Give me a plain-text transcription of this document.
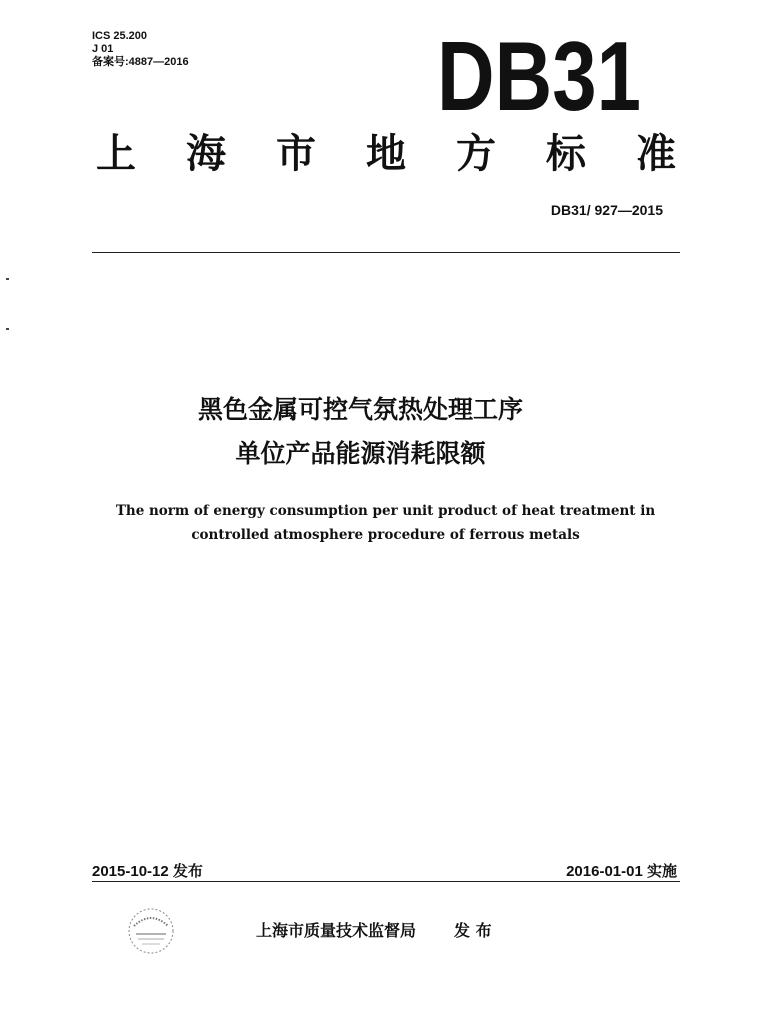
ICS 25.200
J 01
备案号:4887—2016	DB31
上 海 市 地 方 标 准
DB31/ 927—2015
黑色金属可控气氛热处理工序
单位产品能源消耗限额
The norm of energy consumption per unit product of heat treatment in
controlled atmosphere procedure of ferrous metals
2015-10-12 发布	2016-01-01 实施
上海市质量技术监督局 发 布
